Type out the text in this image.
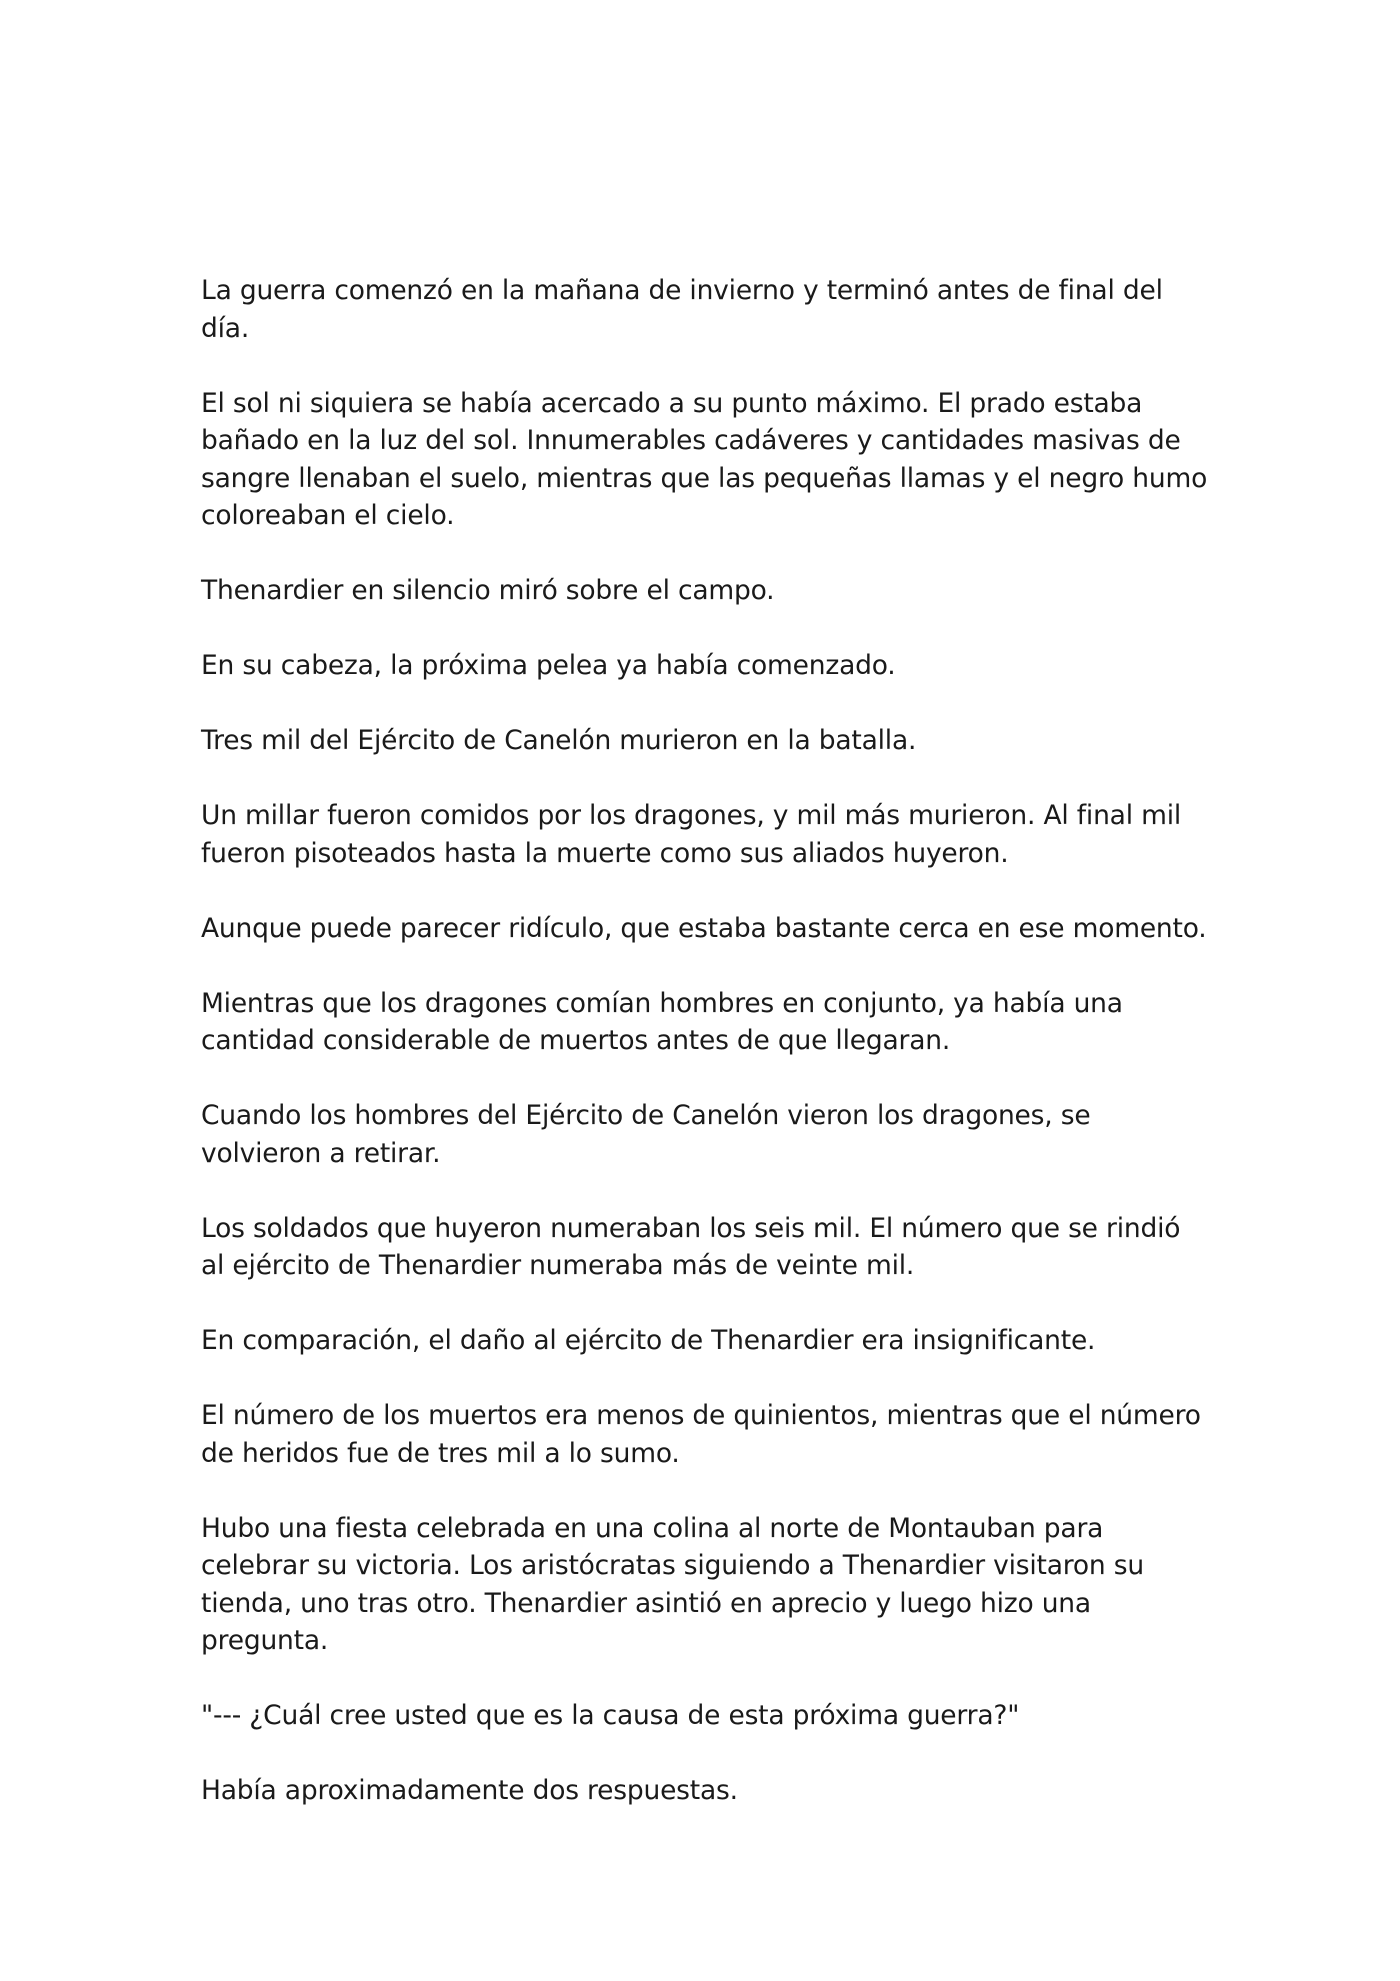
La guerra comenzó en la mañana de invierno y terminó antes de final del día.

El sol ni siquiera se había acercado a su punto máximo. El prado estaba bañado en la luz del sol. Innumerables cadáveres y cantidades masivas de sangre llenaban el suelo, mientras que las pequeñas llamas y el negro humo coloreaban el cielo.

Thenardier en silencio miró sobre el campo.

En su cabeza, la próxima pelea ya había comenzado.

Tres mil del Ejército de Canelón murieron en la batalla.

Un millar fueron comidos por los dragones, y mil más murieron. Al final mil fueron pisoteados hasta la muerte como sus aliados huyeron.

Aunque puede parecer ridículo, que estaba bastante cerca en ese momento.

Mientras que los dragones comían hombres en conjunto, ya había una cantidad considerable de muertos antes de que llegaran.

Cuando los hombres del Ejército de Canelón vieron los dragones, se volvieron a retirar.

Los soldados que huyeron numeraban los seis mil. El número que se rindió al ejército de Thenardier numeraba más de veinte mil.

En comparación, el daño al ejército de Thenardier era insignificante.

El número de los muertos era menos de quinientos, mientras que el número de heridos fue de tres mil a lo sumo.

Hubo una fiesta celebrada en una colina al norte de Montauban para celebrar su victoria. Los aristócratas siguiendo a Thenardier visitaron su tienda, uno tras otro. Thenardier asintió en aprecio y luego hizo una pregunta.

"--- ¿Cuál cree usted que es la causa de esta próxima guerra?"

Había aproximadamente dos respuestas.
